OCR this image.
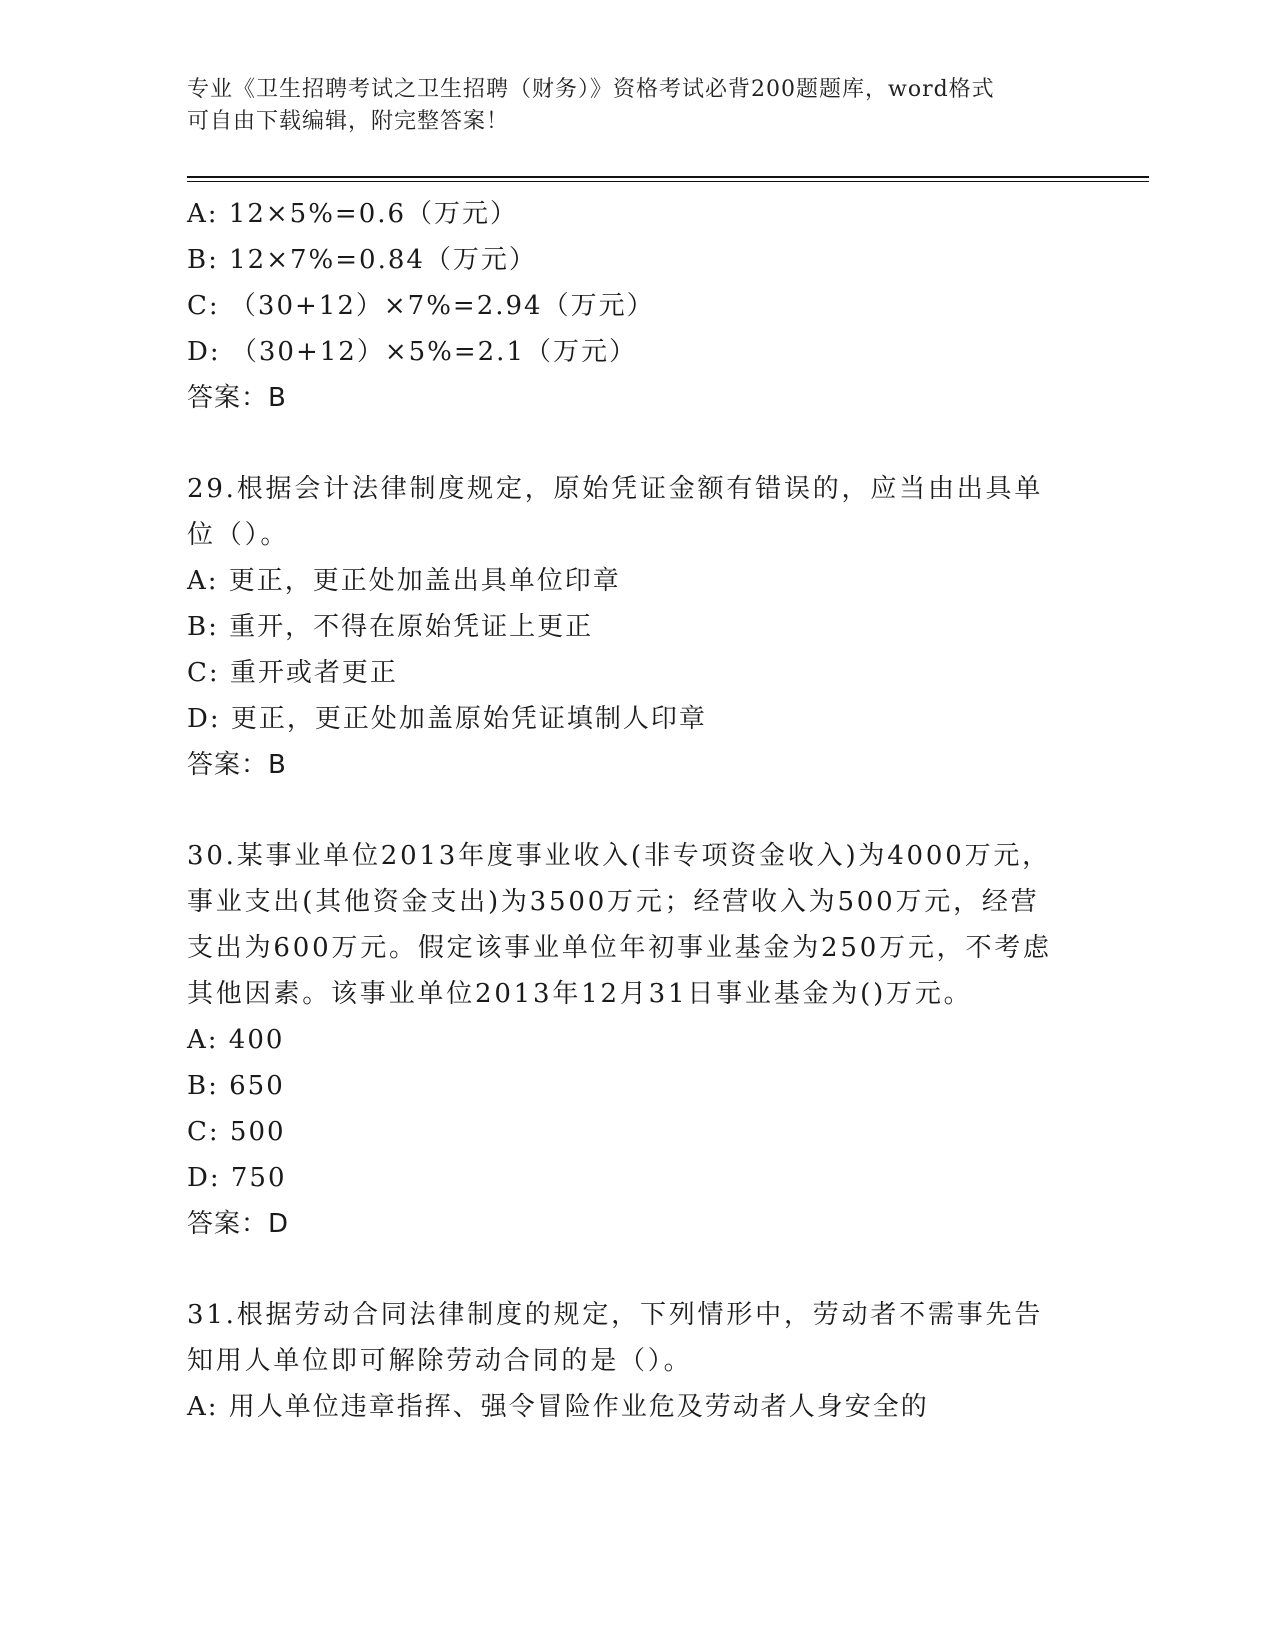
专业《卫生招聘考试之卫生招聘（财务）》资格考试必背200题题库，word格式
可自由下载编辑，附完整答案！
A: 12×5%=0.6（万元）
B: 12×7%=0.84（万元）
C: （30+12）×7%=2.94（万元）
D: （30+12）×5%=2.1（万元）
答案：B
29.根据会计法律制度规定，原始凭证金额有错误的，应当由出具单位（）。
A: 更正，更正处加盖出具单位印章
B: 重开，不得在原始凭证上更正
C: 重开或者更正
D: 更正，更正处加盖原始凭证填制人印章
答案：B
30.某事业单位2013年度事业收入(非专项资金收入)为4000万元，事业支出(其他资金支出)为3500万元；经营收入为500万元，经营支出为600万元。假定该事业单位年初事业基金为250万元，不考虑其他因素。该事业单位2013年12月31日事业基金为()万元。
A: 400
B: 650
C: 500
D: 750
答案：D
31.根据劳动合同法律制度的规定，下列情形中，劳动者不需事先告知用人单位即可解除劳动合同的是（）。
A: 用人单位违章指挥、强令冒险作业危及劳动者人身安全的
